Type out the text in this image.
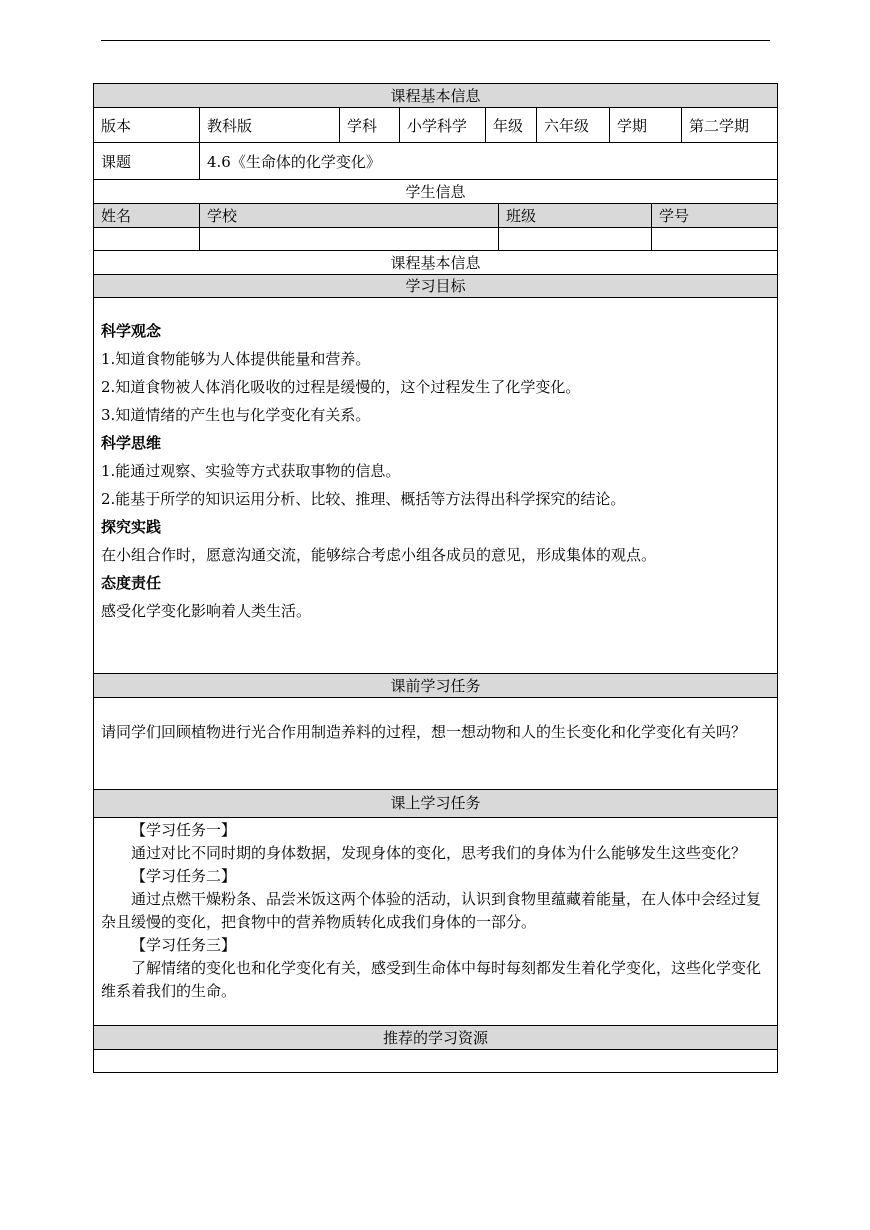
课程基本信息
版本	教科版	学科	小学科学	年级	六年级	学期	第二学期
课题	4.6《生命体的化学变化》
学生信息
姓名	学校	班级	学号
课程基本信息
学习目标
科学观念
1.知道食物能够为人体提供能量和营养。
2.知道食物被人体消化吸收的过程是缓慢的，这个过程发生了化学变化。
3.知道情绪的产生也与化学变化有关系。
科学思维
1.能通过观察、实验等方式获取事物的信息。
2.能基于所学的知识运用分析、比较、推理、概括等方法得出科学探究的结论。
探究实践
在小组合作时，愿意沟通交流，能够综合考虑小组各成员的意见，形成集体的观点。
态度责任
感受化学变化影响着人类生活。
课前学习任务
请同学们回顾植物进行光合作用制造养料的过程，想一想动物和人的生长变化和化学变化有关吗？
课上学习任务
【学习任务一】
通过对比不同时期的身体数据，发现身体的变化，思考我们的身体为什么能够发生这些变化？
【学习任务二】
通过点燃干燥粉条、品尝米饭这两个体验的活动，认识到食物里蕴藏着能量，在人体中会经过复杂且缓慢的变化，把食物中的营养物质转化成我们身体的一部分。
【学习任务三】
了解情绪的变化也和化学变化有关，感受到生命体中每时每刻都发生着化学变化，这些化学变化维系着我们的生命。
推荐的学习资源
